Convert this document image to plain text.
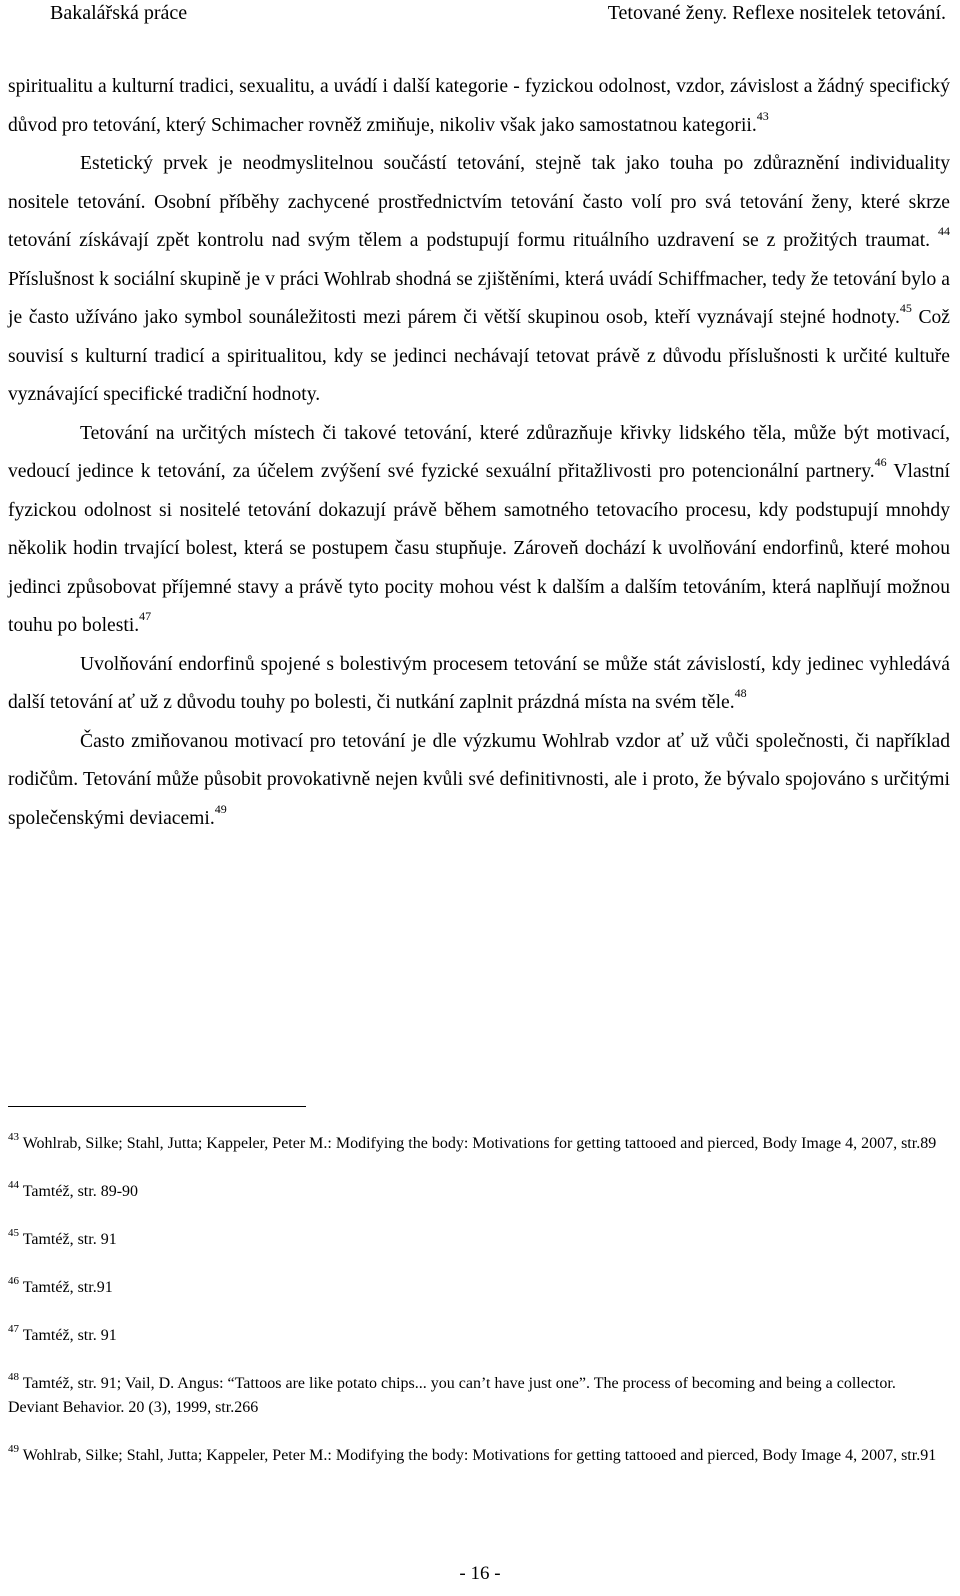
Bakalářská práce	Tetované ženy. Reflexe nositelek tetování.

spiritualitu a kulturní tradici, sexualitu, a uvádí i další kategorie - fyzickou odolnost, vzdor, závislost a žádný specifický důvod pro tetování, který Schimacher rovněž zmiňuje, nikoliv však jako samostatnou kategorii.$^{43}$

Estetický prvek je neodmyslitelnou součástí tetování, stejně tak jako touha po zdůraznění individuality nositele tetování. Osobní příběhy zachycené prostřednictvím tetování často volí pro svá tetování ženy, které skrze tetování získávají zpět kontrolu nad svým tělem a podstupují formu rituálního uzdravení se z prožitých traumat. $^{44}$ Příslušnost k sociální skupině je v práci Wohlrab shodná se zjištěními, která uvádí Schiffmacher, tedy že tetování bylo a je často užíváno jako symbol sounáležitosti mezi párem či větší skupinou osob, kteří vyznávají stejné hodnoty.$^{45}$ Což souvisí s kulturní tradicí a spiritualitou, kdy se jedinci nechávají tetovat právě z důvodu příslušnosti k určité kultuře vyznávající specifické tradiční hodnoty.

Tetování na určitých místech či takové tetování, které zdůrazňuje křivky lidského těla, může být motivací, vedoucí jedince k tetování, za účelem zvýšení své fyzické sexuální přitažlivosti pro potencionální partnery.$^{46}$ Vlastní fyzickou odolnost si nositelé tetování dokazují právě během samotného tetovacího procesu, kdy podstupují mnohdy několik hodin trvající bolest, která se postupem času stupňuje. Zároveň dochází k uvolňování endorfinů, které mohou jedinci způsobovat příjemné stavy a právě tyto pocity mohou vést k dalším a dalším tetováním, která naplňují možnou touhu po bolesti.$^{47}$

Uvolňování endorfinů spojené s bolestivým procesem tetování se může stát závislostí, kdy jedinec vyhledává další tetování ať už z důvodu touhy po bolesti, či nutkání zaplnit prázdná místa na svém těle.$^{48}$

Často zmiňovanou motivací pro tetování je dle výzkumu Wohlrab vzdor ať už vůči společnosti, či například rodičům. Tetování může působit provokativně nejen kvůli své definitivnosti, ale i proto, že bývalo spojováno s určitými společenskými deviacemi.$^{49}$

$^{43}$ Wohlrab, Silke; Stahl, Jutta; Kappeler, Peter M.: Modifying the body: Motivations for getting tattooed and pierced, Body Image 4, 2007, str.89

$^{44}$ Tamtéž, str. 89-90

$^{45}$ Tamtéž, str. 91

$^{46}$ Tamtéž, str.91

$^{47}$ Tamtéž, str. 91

$^{48}$ Tamtéž, str. 91; Vail, D. Angus: “Tattoos are like potato chips... you can’t have just one”. The process of becoming and being a collector. Deviant Behavior. 20 (3), 1999, str.266

$^{49}$ Wohlrab, Silke; Stahl, Jutta; Kappeler, Peter M.: Modifying the body: Motivations for getting tattooed and pierced, Body Image 4, 2007, str.91

- 16 -
